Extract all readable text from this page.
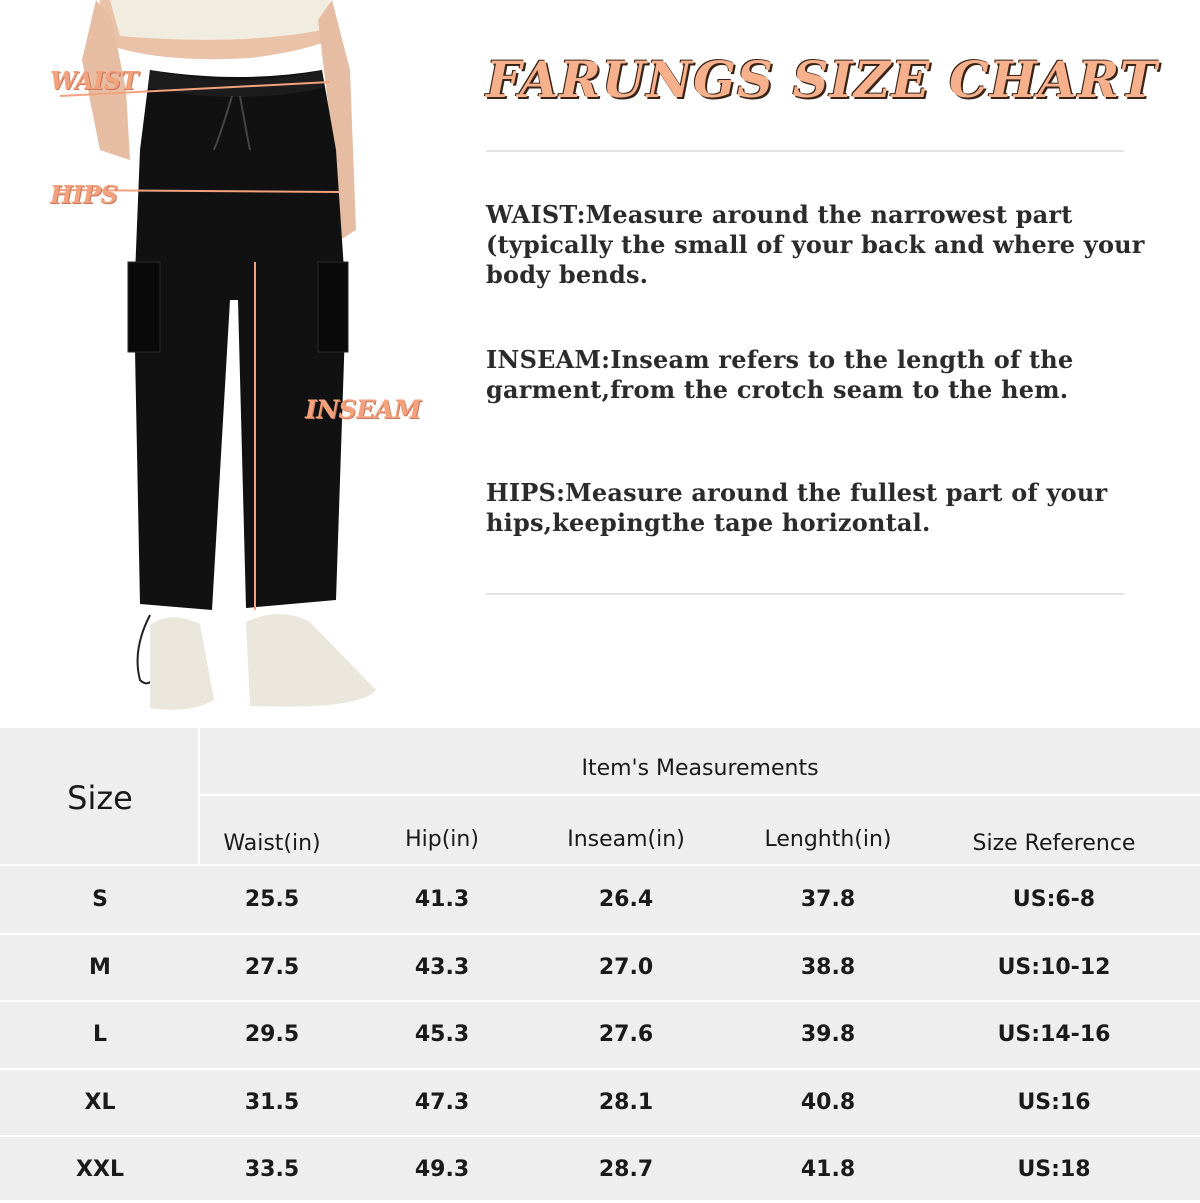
WAIST
HIPS
INSEAM
FARUNGS SIZE CHART

WAIST:Measure around the narrowest part (typically the small of your back and where your body bends.

INSEAM:Inseam refers to the length of the garment,from the crotch seam to the hem.

HIPS:Measure around the fullest part of your hips,keepingthe tape horizontal.

Size
Item's Measurements
Waist(in)	Hip(in)	Inseam(in)	Lenghth(in)	Size Reference
S	25.5	41.3	26.4	37.8	US:6-8
M	27.5	43.3	27.0	38.8	US:10-12
L	29.5	45.3	27.6	39.8	US:14-16
XL	31.5	47.3	28.1	40.8	US:16
XXL	33.5	49.3	28.7	41.8	US:18
